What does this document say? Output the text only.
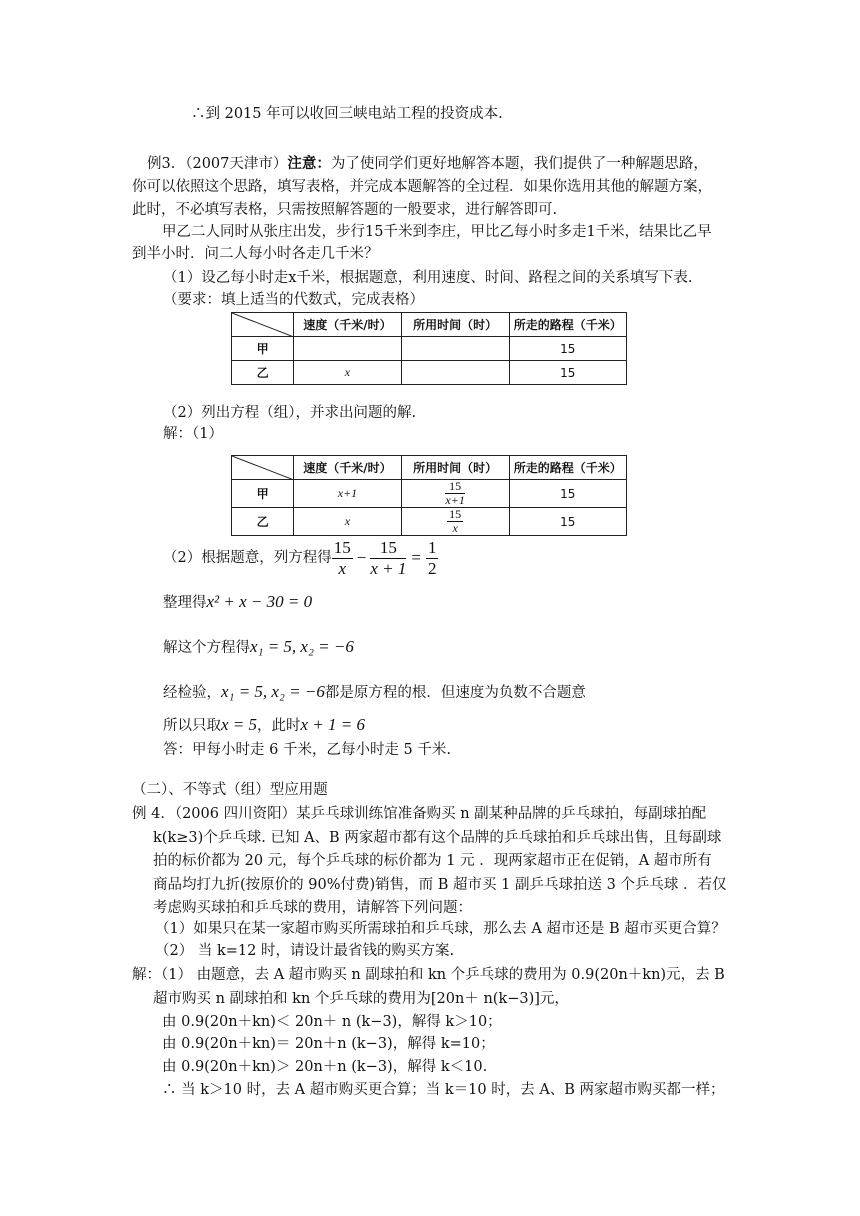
∴到 2015 年可以收回三峡电站工程的投资成本.
例3．（2007天津市）注意：为了使同学们更好地解答本题，我们提供了一种解题思路，
你可以依照这个思路，填写表格，并完成本题解答的全过程．如果你选用其他的解题方案，
此时，不必填写表格，只需按照解答题的一般要求，进行解答即可.
甲乙二人同时从张庄出发，步行15千米到李庄，甲比乙每小时多走1千米，结果比乙早
到半小时．问二人每小时各走几千米？
（1）设乙每小时走x千米，根据题意，利用速度、时间、路程之间的关系填写下表.
（要求：填上适当的代数式，完成表格）
	速度（千米/时）	所用时间（时）	所走的路程（千米）
甲			15
乙	x		15
（2）列出方程（组），并求出问题的解.
解：（1）
	速度（千米/时）	所用时间（时）	所走的路程（千米）
甲	x+1	$\frac{15}{x+1}$	15
乙	x	$\frac{15}{x}$	15
（2）根据题意，列方程得 $\frac{15}{x} - \frac{15}{x + 1} = \frac{1}{2}$
整理得x² + x − 30 = 0
解这个方程得x₁ = 5, x₂ = −6
经检验，x₁ = 5, x₂ = −6都是原方程的根．但速度为负数不合题意
所以只取x = 5，此时x + 1 = 6
答：甲每小时走 6 千米，乙每小时走 5 千米.
（二）、不等式（组）型应用题
例 4．（2006 四川资阳）某乒乓球训练馆准备购买 n 副某种品牌的乒乓球拍，每副球拍配
k(k≥3)个乒乓球. 已知 A、B 两家超市都有这个品牌的乒乓球拍和乒乓球出售，且每副球
拍的标价都为 20 元，每个乒乓球的标价都为 1 元 ．现两家超市正在促销，A 超市所有
商品均打九折(按原价的 90%付费)销售，而 B 超市买 1 副乒乓球拍送 3 个乒乓球 ．若仅
考虑购买球拍和乒乓球的费用，请解答下列问题：
（1）如果只在某一家超市购买所需球拍和乒乓球，那么去 A 超市还是 B 超市买更合算？
（2） 当 k=12 时，请设计最省钱的购买方案.
解：（1） 由题意，去 A 超市购买 n 副球拍和 kn 个乒乓球的费用为 0.9(20n＋kn)元，去 B
超市购买 n 副球拍和 kn 个乒乓球的费用为[20n＋ n(k−3)]元，
由 0.9(20n＋kn)＜ 20n＋ n (k−3)，解得 k＞10；
由 0.9(20n＋kn)＝ 20n＋n (k−3)，解得 k=10；
由 0.9(20n＋kn)＞ 20n＋n (k−3)，解得 k＜10.
∴ 当 k＞10 时，去 A 超市购买更合算；当 k＝10 时，去 A、B 两家超市购买都一样；
